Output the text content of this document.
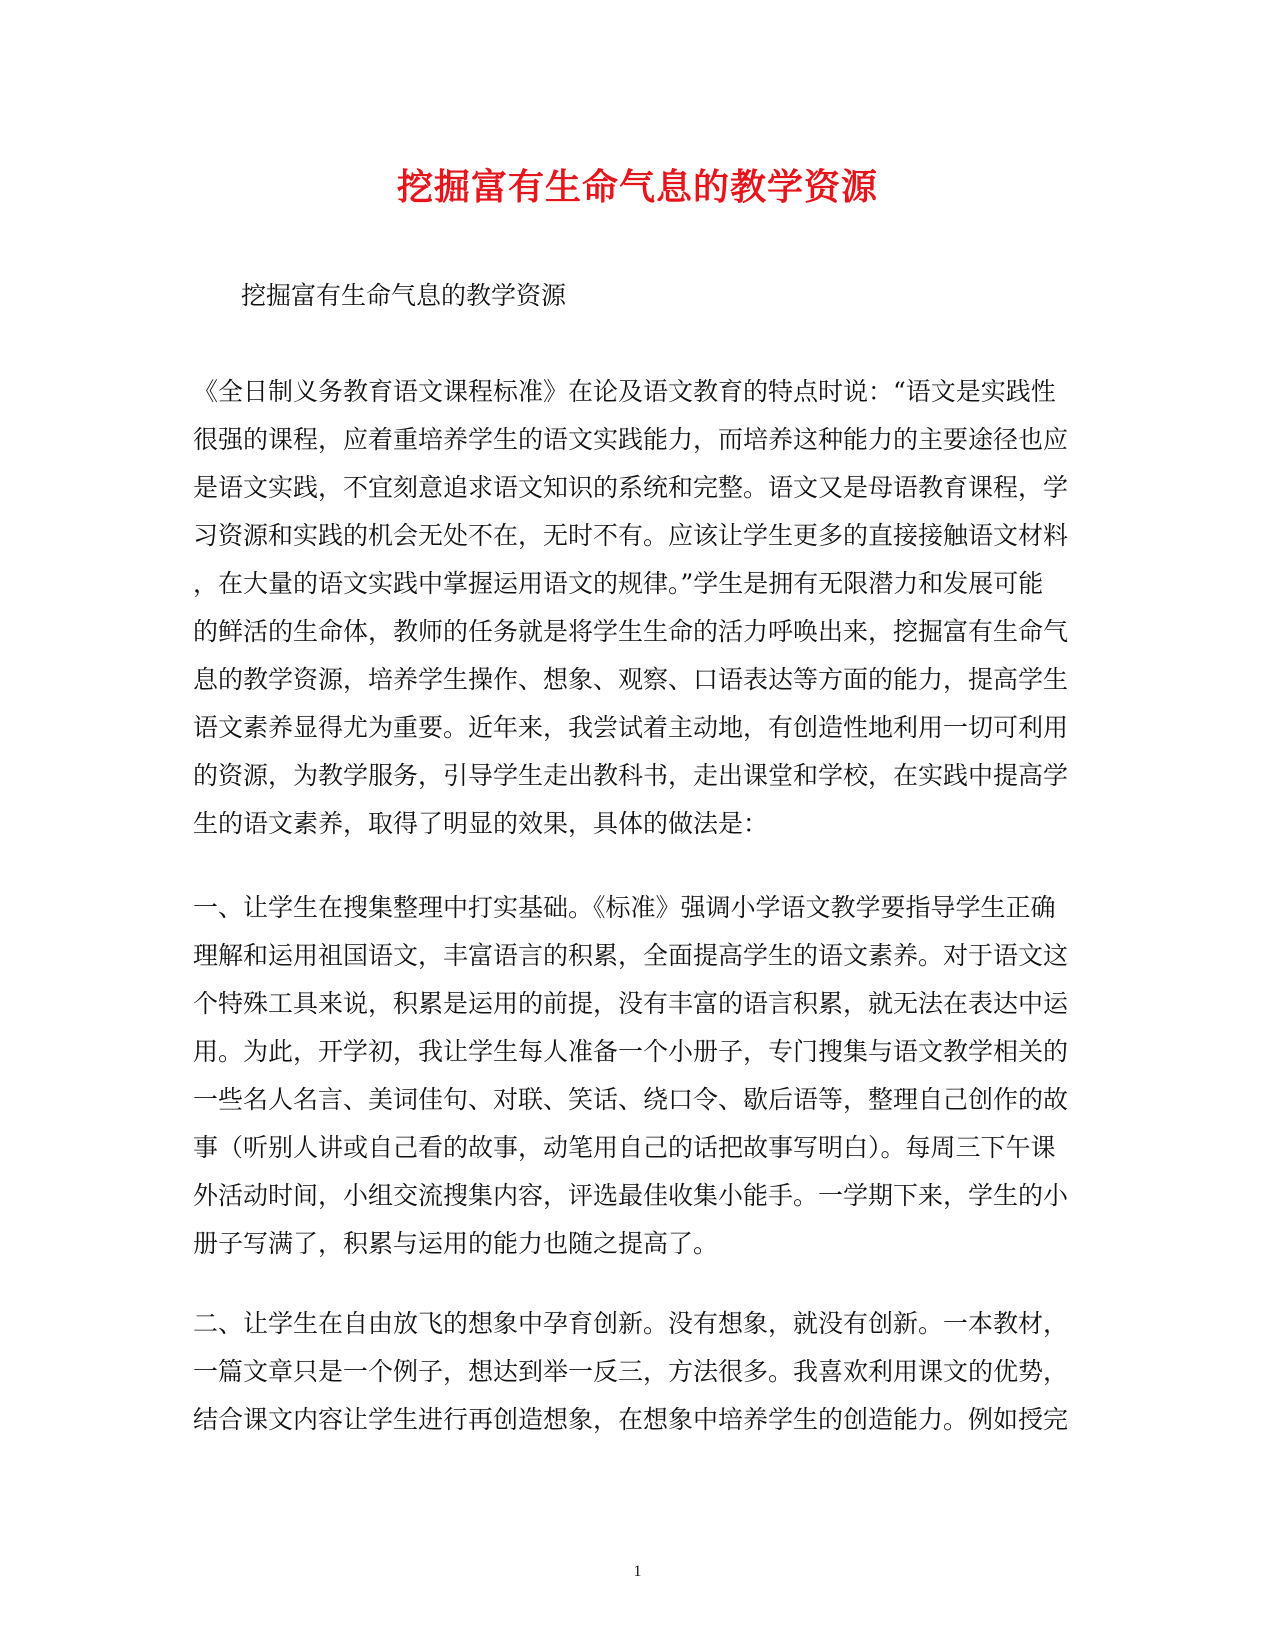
挖掘富有生命气息的教学资源

挖掘富有生命气息的教学资源

《全日制义务教育语文课程标准》在论及语文教育的特点时说：“语文是实践性
很强的课程，应着重培养学生的语文实践能力，而培养这种能力的主要途径也应
是语文实践，不宜刻意追求语文知识的系统和完整。语文又是母语教育课程，学
习资源和实践的机会无处不在，无时不有。应该让学生更多的直接接触语文材料
，在大量的语文实践中掌握运用语文的规律。”学生是拥有无限潜力和发展可能
的鲜活的生命体，教师的任务就是将学生生命的活力呼唤出来，挖掘富有生命气
息的教学资源，培养学生操作、想象、观察、口语表达等方面的能力，提高学生
语文素养显得尤为重要。近年来，我尝试着主动地，有创造性地利用一切可利用
的资源，为教学服务，引导学生走出教科书，走出课堂和学校，在实践中提高学
生的语文素养，取得了明显的效果，具体的做法是：
一、让学生在搜集整理中打实基础。《标准》强调小学语文教学要指导学生正确
理解和运用祖国语文，丰富语言的积累，全面提高学生的语文素养。对于语文这
个特殊工具来说，积累是运用的前提，没有丰富的语言积累，就无法在表达中运
用。为此，开学初，我让学生每人准备一个小册子，专门搜集与语文教学相关的
一些名人名言、美词佳句、对联、笑话、绕口令、歇后语等，整理自己创作的故
事（听别人讲或自己看的故事，动笔用自己的话把故事写明白）。每周三下午课
外活动时间，小组交流搜集内容，评选最佳收集小能手。一学期下来，学生的小
册子写满了，积累与运用的能力也随之提高了。
二、让学生在自由放飞的想象中孕育创新。没有想象，就没有创新。一本教材，
一篇文章只是一个例子，想达到举一反三，方法很多。我喜欢利用课文的优势，
结合课文内容让学生进行再创造想象，在想象中培养学生的创造能力。例如授完
1
